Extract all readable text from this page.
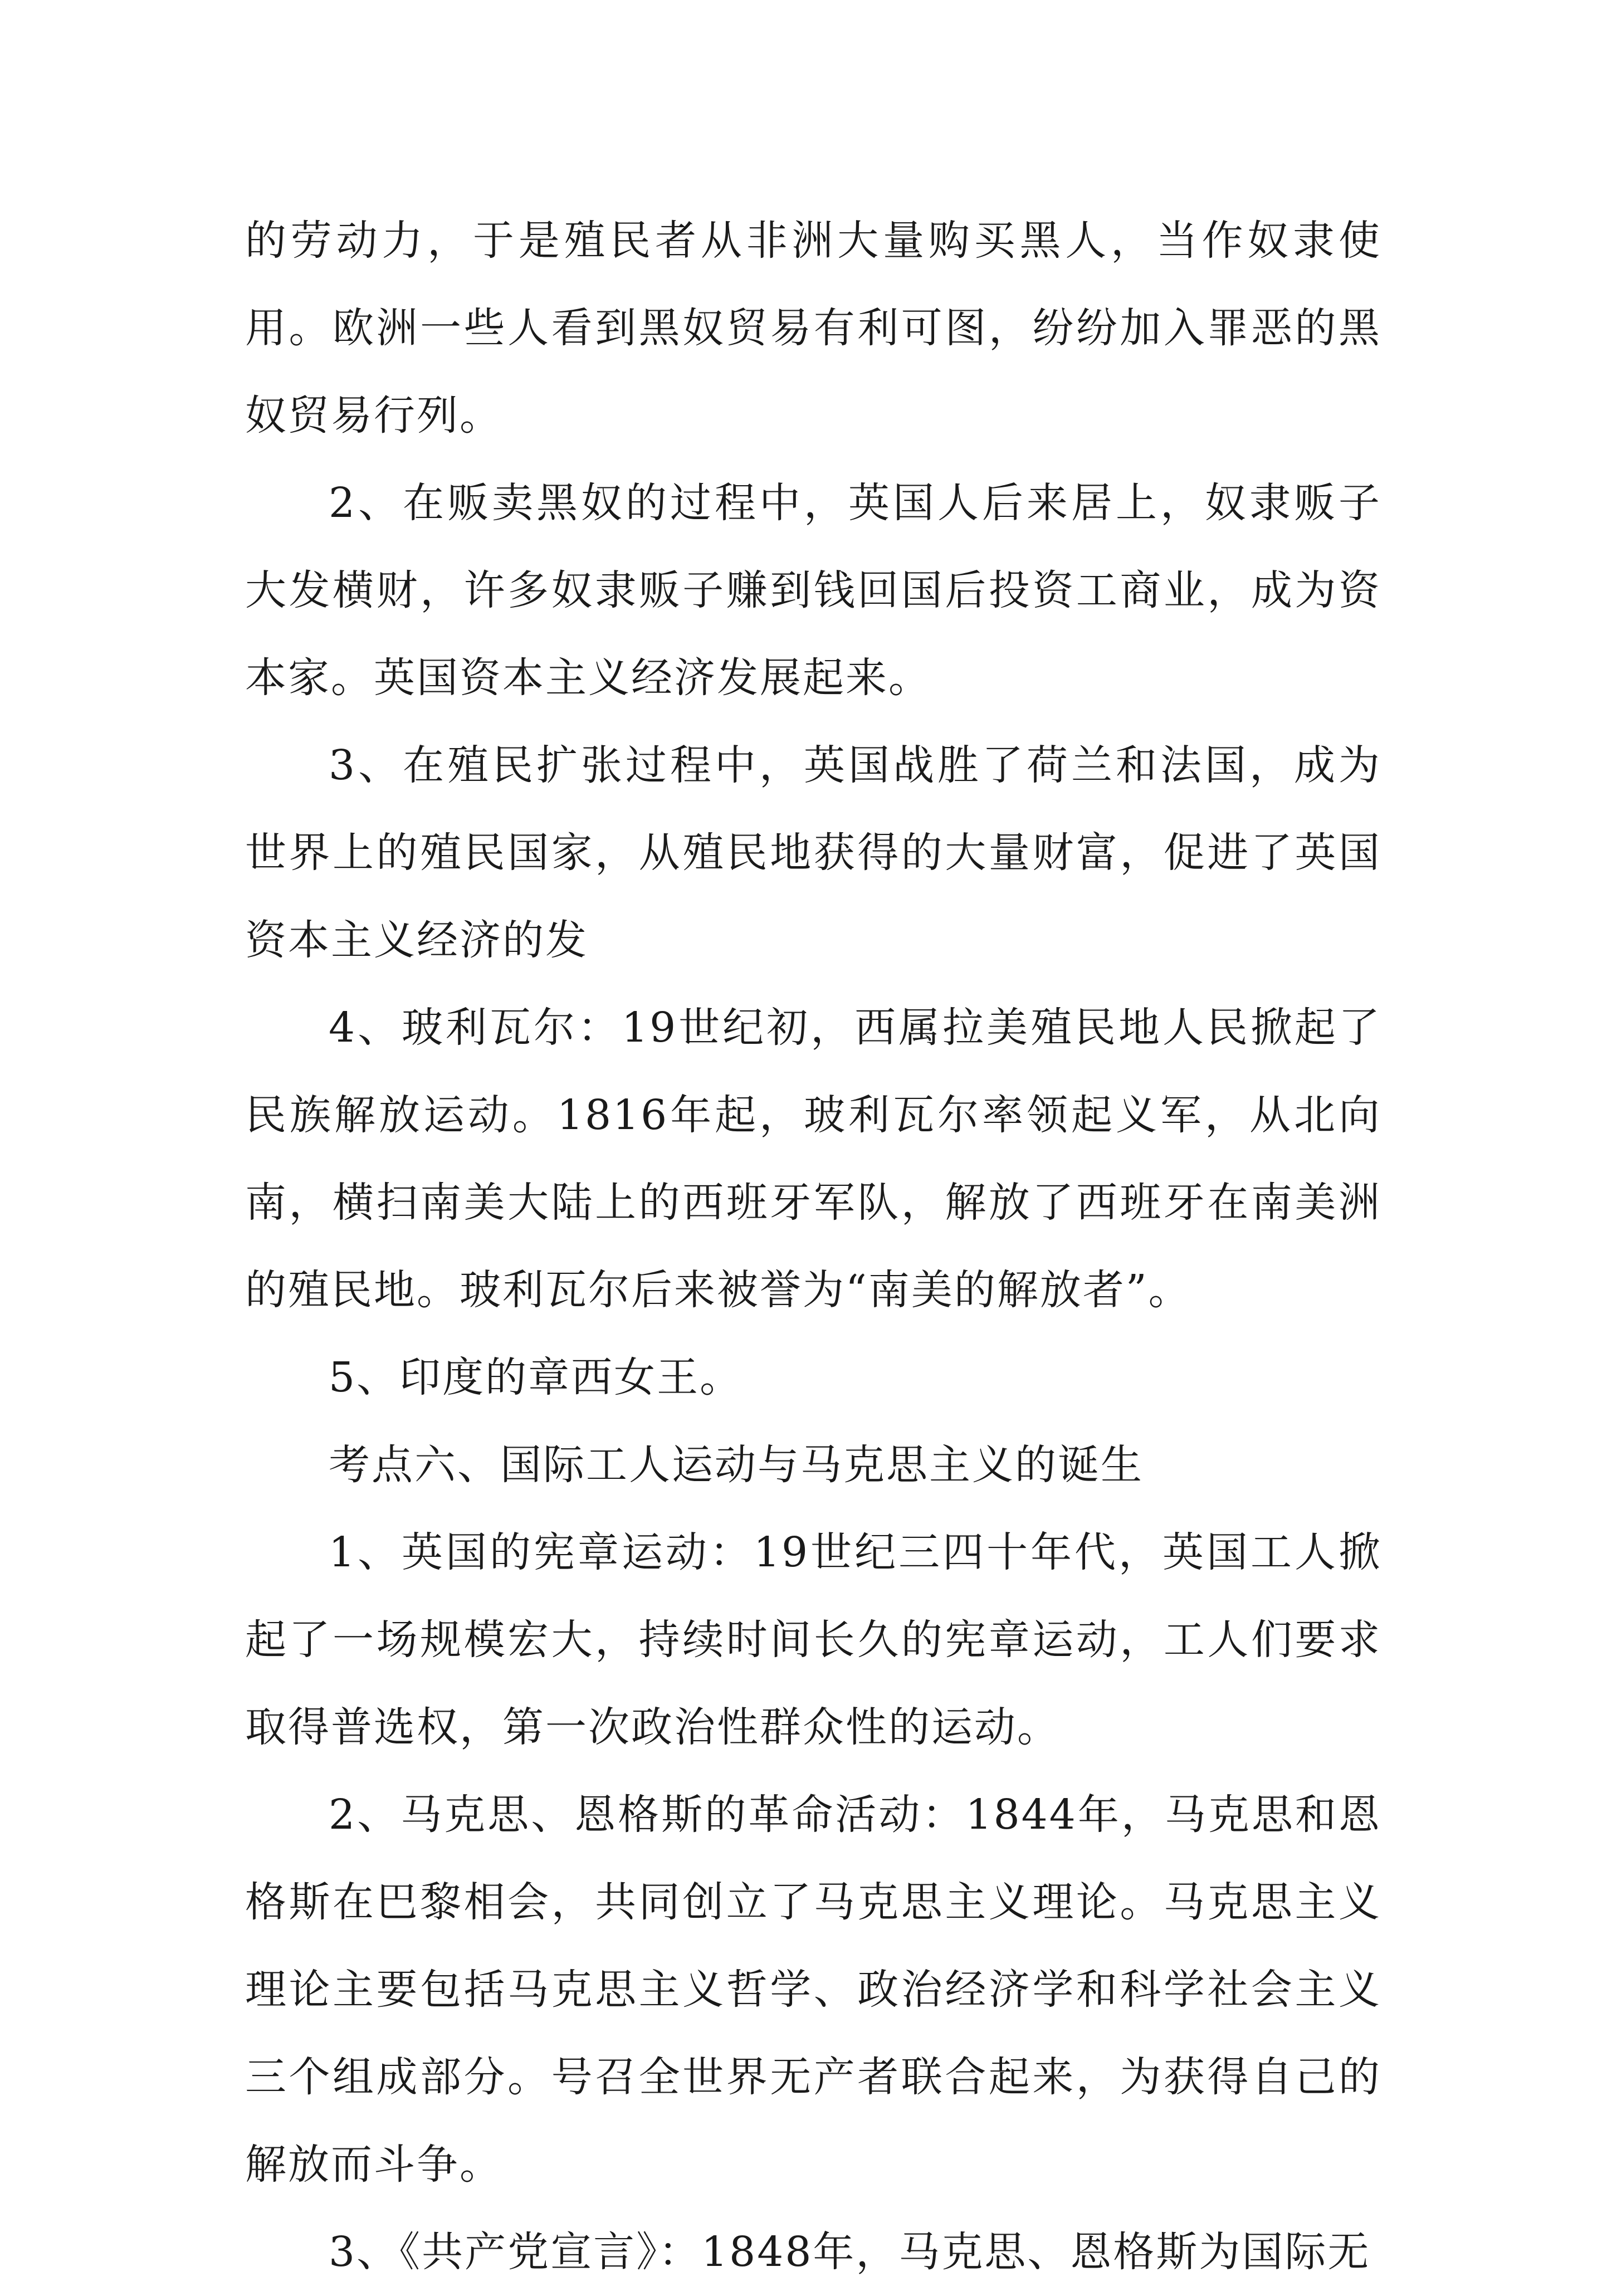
的劳动力，于是殖民者从非洲大量购买黑人，当作奴隶使用。欧洲一些人看到黑奴贸易有利可图，纷纷加入罪恶的黑奴贸易行列。

2、在贩卖黑奴的过程中，英国人后来居上，奴隶贩子大发横财，许多奴隶贩子赚到钱回国后投资工商业，成为资本家。英国资本主义经济发展起来。

3、在殖民扩张过程中，英国战胜了荷兰和法国，成为世界上的殖民国家，从殖民地获得的大量财富，促进了英国资本主义经济的发

4、玻利瓦尔：19世纪初，西属拉美殖民地人民掀起了民族解放运动。1816年起，玻利瓦尔率领起义军，从北向南，横扫南美大陆上的西班牙军队，解放了西班牙在南美洲的殖民地。玻利瓦尔后来被誉为“南美的解放者”。

5、印度的章西女王。

考点六、国际工人运动与马克思主义的诞生

1、英国的宪章运动：19世纪三四十年代，英国工人掀起了一场规模宏大，持续时间长久的宪章运动，工人们要求取得普选权，第一次政治性群众性的运动。

2、马克思、恩格斯的革命活动：1844年，马克思和恩格斯在巴黎相会，共同创立了马克思主义理论。马克思主义理论主要包括马克思主义哲学、政治经济学和科学社会主义三个组成部分。号召全世界无产者联合起来，为获得自己的解放而斗争。

3、《共产党宣言》：1848年，马克思、恩格斯为国际无
